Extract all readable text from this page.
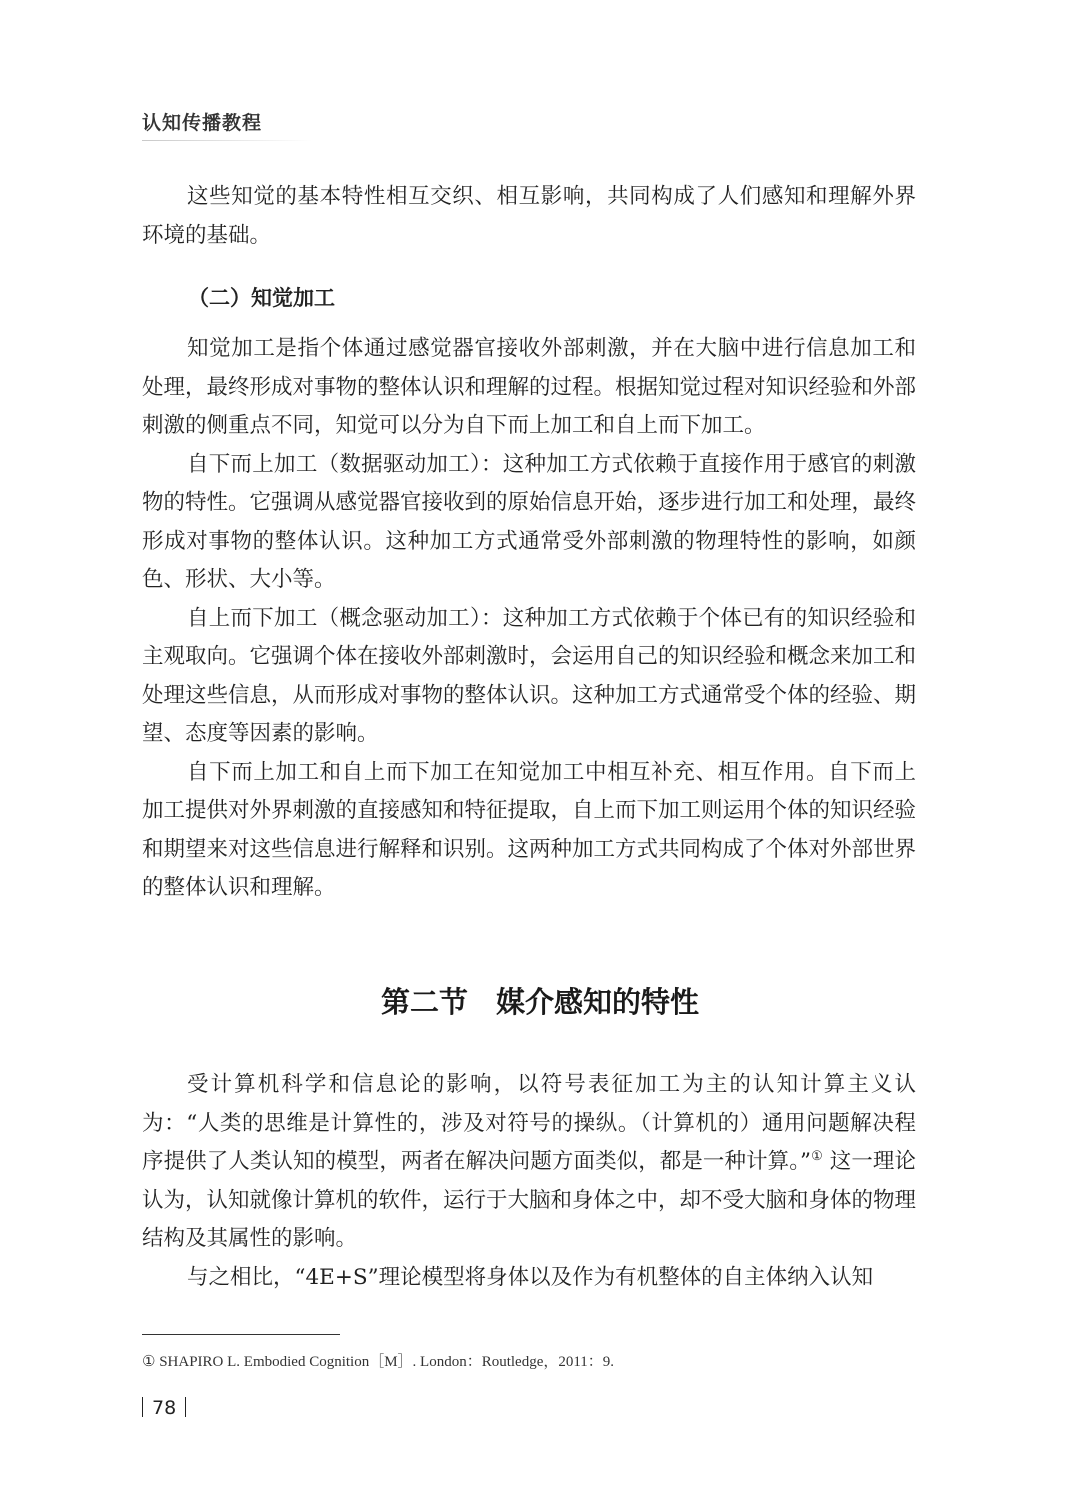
认知传播教程

这些知觉的基本特性相互交织、相互影响，共同构成了人们感知和理解外界环境的基础。

（二）知觉加工

知觉加工是指个体通过感觉器官接收外部刺激，并在大脑中进行信息加工和处理，最终形成对事物的整体认识和理解的过程。根据知觉过程对知识经验和外部刺激的侧重点不同，知觉可以分为自下而上加工和自上而下加工。

自下而上加工（数据驱动加工）：这种加工方式依赖于直接作用于感官的刺激物的特性。它强调从感觉器官接收到的原始信息开始，逐步进行加工和处理，最终形成对事物的整体认识。这种加工方式通常受外部刺激的物理特性的影响，如颜色、形状、大小等。

自上而下加工（概念驱动加工）：这种加工方式依赖于个体已有的知识经验和主观取向。它强调个体在接收外部刺激时，会运用自己的知识经验和概念来加工和处理这些信息，从而形成对事物的整体认识。这种加工方式通常受个体的经验、期望、态度等因素的影响。

自下而上加工和自上而下加工在知觉加工中相互补充、相互作用。自下而上加工提供对外界刺激的直接感知和特征提取，自上而下加工则运用个体的知识经验和期望来对这些信息进行解释和识别。这两种加工方式共同构成了个体对外部世界的整体认识和理解。

第二节 媒介感知的特性

受计算机科学和信息论的影响，以符号表征加工为主的认知计算主义认为：“人类的思维是计算性的，涉及对符号的操纵。（计算机的）通用问题解决程序提供了人类认知的模型，两者在解决问题方面类似，都是一种计算。”① 这一理论认为，认知就像计算机的软件，运行于大脑和身体之中，却不受大脑和身体的物理结构及其属性的影响。

与之相比，“4E+S”理论模型将身体以及作为有机整体的自主体纳入认知

① SHAPIRO L. Embodied Cognition［M］. London：Routledge，2011：9.
78
